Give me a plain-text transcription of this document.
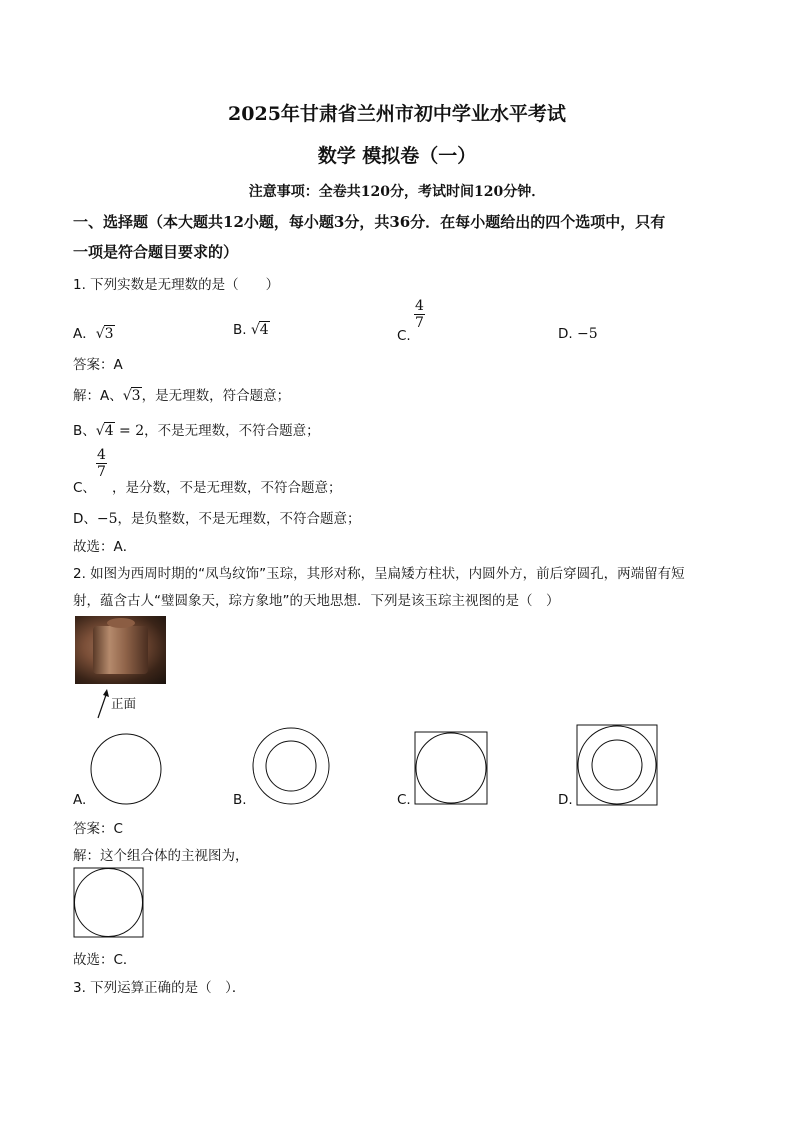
2025年甘肃省兰州市初中学业水平考试
数学 模拟卷（一）
注意事项：全卷共120分，考试时间120分钟．
一、选择题（本大题共12小题，每小题3分，共36分．在每小题给出的四个选项中，只有
一项是符合题目要求的）
1. 下列实数是无理数的是（　　）
A．√3	B. √4	C.
$\frac{4}{7}$
D. −5
答案：A
解：A、√3，是无理数，符合题意；
B、√4 = 2，不是无理数，不符合题意；
C、
$\frac{4}{7}$
，是分数，不是无理数，不符合题意；
D、−5，是负整数，不是无理数，不符合题意；
故选：A．
2. 如图为西周时期的“凤鸟纹饰”玉琮，其形对称，呈扁矮方柱状，内圆外方，前后穿圆孔，两端留有短
射，蕴含古人“璧圆象天，琮方象地”的天地思想．下列是该玉琮主视图的是（　）
正面
A.	B.	C.	D.
答案：C
解：这个组合体的主视图为，
故选：C．
3. 下列运算正确的是（　）．
